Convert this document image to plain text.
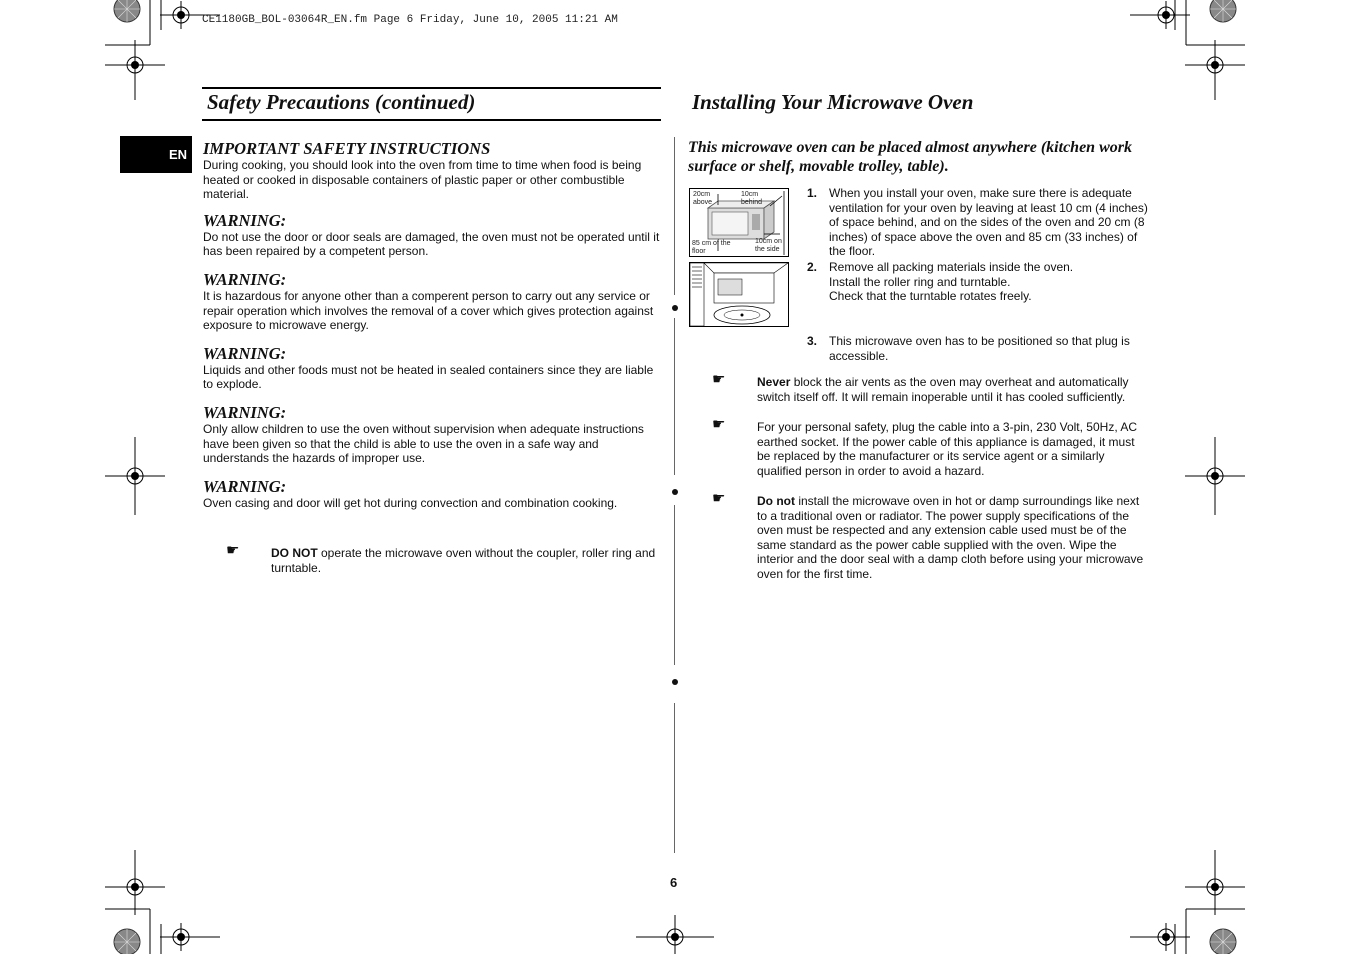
CE1180GB_BOL-03064R_EN.fm Page 6 Friday, June 10, 2005 11:21 AM
Safety Precautions (continued)
EN IMPORTANT SAFETY INSTRUCTIONS
During cooking, you should look into the oven from time to time when food is being heated or cooked in disposable containers of plastic paper or other combustible material.
WARNING:
Do not use the door or door seals are damaged, the oven must not be operated until it has been repaired by a competent person.
WARNING:
It is hazardous for anyone other than a comperent person to carry out any service or repair operation which involves the removal of a cover which gives protection against exposure to microwave energy.
WARNING:
Liquids and other foods must not be heated in sealed containers since they are liable to explode.
WARNING:
Only allow children to use the oven without supervision when adequate instructions have been given so that the child is able to use the oven in a safe way and understands the hazards of improper use.
WARNING:
Oven casing and door will get hot during convection and combination cooking.
☛	DO NOT operate the microwave oven without the coupler, roller ring and turntable.
Installing Your Microwave Oven
This microwave oven can be placed almost anywhere (kitchen work surface or shelf, movable trolley, table).
20cm above
10cm behind
85 cm of the floor
10cm on the side
1. When you install your oven, make sure there is adequate ventilation for your oven by leaving at least 10 cm (4 inches) of space behind, and on the sides of the oven and 20 cm (8 inches) of space above the oven and 85 cm (33 inches) of the floor.
2. Remove all packing materials inside the oven.
Install the roller ring and turntable.
Check that the turntable rotates freely.
3. This microwave oven has to be positioned so that plug is accessible.
☛	Never block the air vents as the oven may overheat and automatically switch itself off. It will remain inoperable until it has cooled sufficiently.
☛	For your personal safety, plug the cable into a 3-pin, 230 Volt, 50Hz, AC earthed socket. If the power cable of this appliance is damaged, it must be replaced by the manufacturer or its service agent or a similarly qualified person in order to avoid a hazard.
☛	Do not install the microwave oven in hot or damp surroundings like next to a traditional oven or radiator. The power supply specifications of the oven must be respected and any extension cable used must be of the same standard as the power cable supplied with the oven. Wipe the interior and the door seal with a damp cloth before using your microwave oven for the first time.
6
